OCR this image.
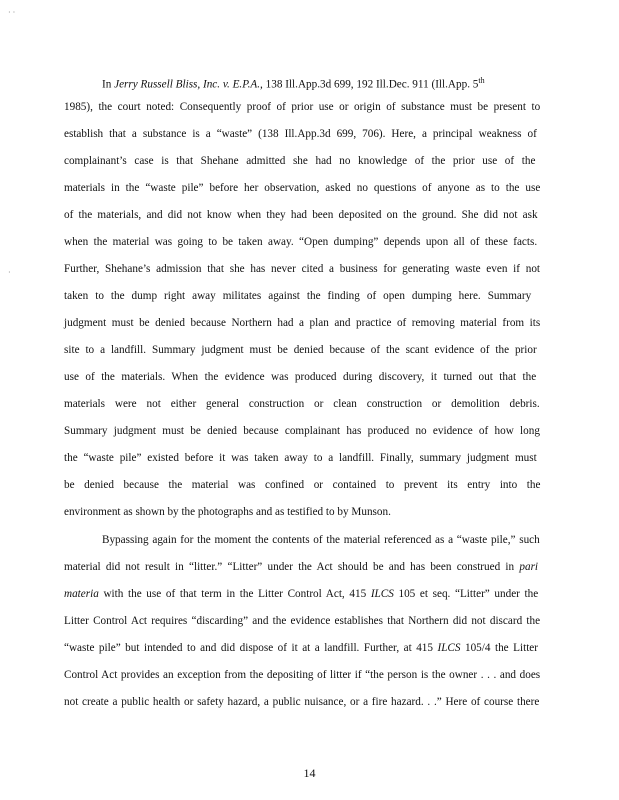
· ·
·
In Jerry Russell Bliss, Inc. v. E.P.A., 138 Ill.App.3d 699, 192 Ill.Dec. 911 (Ill.App. 5th
1985), the court noted: Consequently proof of prior use or origin of substance must be present to
establish that a substance is a “waste” (138 Ill.App.3d 699, 706). Here, a principal weakness of
complainant’s case is that Shehane admitted she had no knowledge of the prior use of the
materials in the “waste pile” before her observation, asked no questions of anyone as to the use
of the materials, and did not know when they had been deposited on the ground. She did not ask
when the material was going to be taken away. “Open dumping” depends upon all of these facts.
Further, Shehane’s admission that she has never cited a business for generating waste even if not
taken to the dump right away militates against the finding of open dumping here. Summary
judgment must be denied because Northern had a plan and practice of removing material from its
site to a landfill. Summary judgment must be denied because of the scant evidence of the prior
use of the materials. When the evidence was produced during discovery, it turned out that the
materials were not either general construction or clean construction or demolition debris.
Summary judgment must be denied because complainant has produced no evidence of how long
the “waste pile” existed before it was taken away to a landfill. Finally, summary judgment must
be denied because the material was confined or contained to prevent its entry into the
environment as shown by the photographs and as testified to by Munson.
Bypassing again for the moment the contents of the material referenced as a “waste pile,” such
material did not result in “litter.” “Litter” under the Act should be and has been construed in pari
materia with the use of that term in the Litter Control Act, 415 ILCS 105 et seq. “Litter” under the
Litter Control Act requires “discarding” and the evidence establishes that Northern did not discard the
“waste pile” but intended to and did dispose of it at a landfill. Further, at 415 ILCS 105/4 the Litter
Control Act provides an exception from the depositing of litter if “the person is the owner . . . and does
not create a public health or safety hazard, a public nuisance, or a fire hazard. . .” Here of course there
14
